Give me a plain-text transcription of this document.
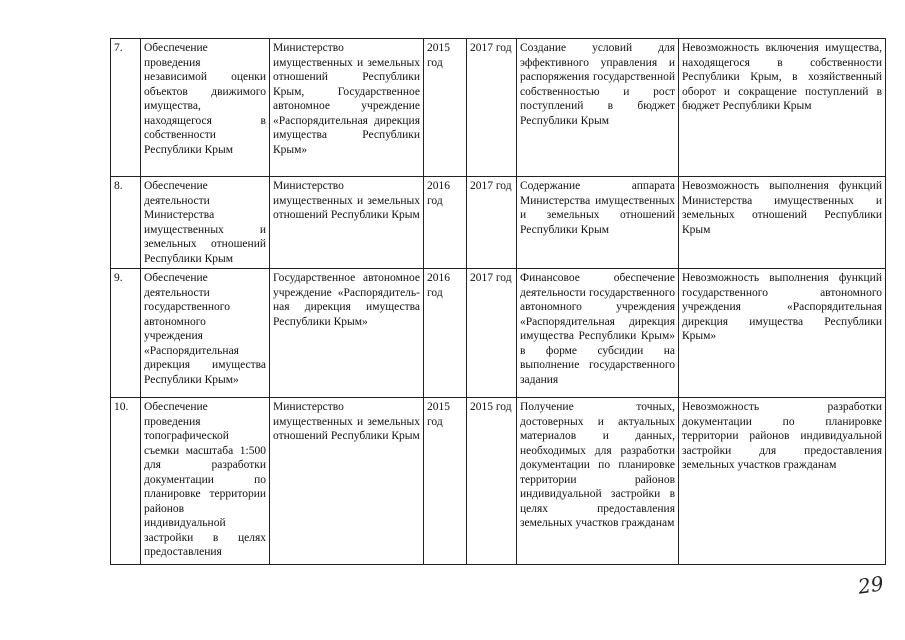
7.	Обеспечение проведения независимой оценки объектов движимого имущества, находящегося в собственности Республики Крым	Министерство имущественных и земельных отношений Республики Крым, Государственное автономное учреждение «Распорядительная дирекция имущества Республики Крым»	2015 год	2017 год	Создание условий для эффективного управления и распоряжения государственной собственностью и рост поступлений в бюджет Республики Крым	Невозможность включения имущества, находящегося в собственности Республики Крым, в хозяйственный оборот и сокращение поступлений в бюджет Республики Крым
8.	Обеспечение деятельности Министерства имущественных и земельных отношений Республики Крым	Министерство имущественных и земельных отношений Республики Крым	2016 год	2017 год	Содержание аппарата Министерства имущественных и земельных отношений Республики Крым	Невозможность выполнения функций Министерства имущественных и земельных отношений Республики Крым
9.	Обеспечение деятельности государственного автономного учреждения «Распорядительная дирекция имущества Республики Крым»	Государственное автономное учреждение «Распорядитель-ная дирекция имущества Республики Крым»	2016 год	2017 год	Финансовое обеспечение деятельности государственного автономного учреждения «Распорядительная дирекция имущества Республики Крым» в форме субсидии на выполнение государственного задания	Невозможность выполнения функций государственного автономного учреждения «Распорядительная дирекция имущества Республики Крым»
10.	Обеспечение проведения топографической съемки масштаба 1:500 для разработки документации по планировке территории районов индивидуальной застройки в целях предоставления	Министерство имущественных и земельных отношений Республики Крым	2015 год	2015 год	Получение точных, достоверных и актуальных материалов и данных, необходимых для разработки документации по планировке территории районов индивидуальной застройки в целях предоставления земельных участков гражданам	Невозможность разработки документации по планировке территории районов индивидуальной застройки для предоставления земельных участков гражданам
29
